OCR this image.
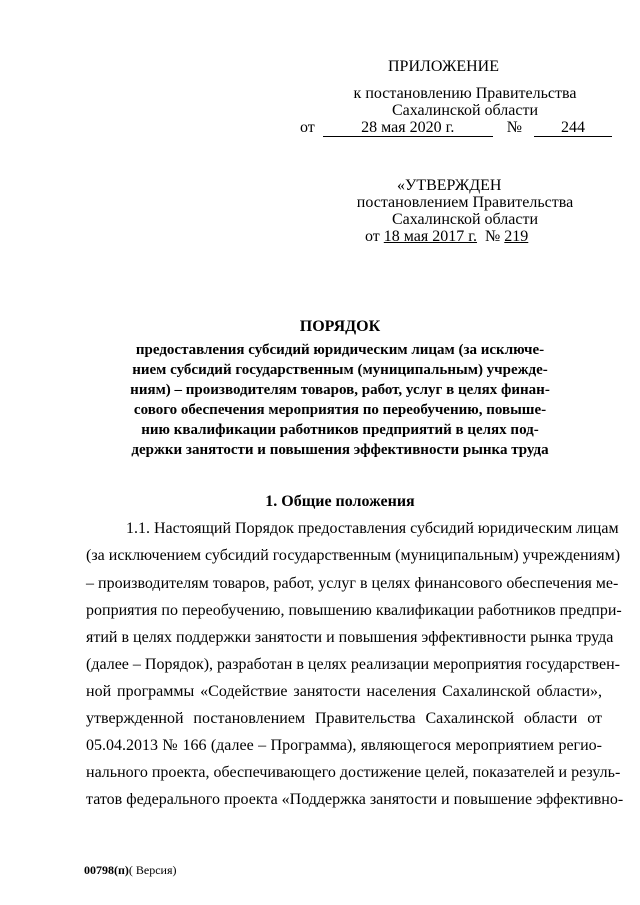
ПРИЛОЖЕНИЕ
к постановлению Правительства
Сахалинской области
от	28 мая 2020 г.	№ 244
«УТВЕРЖДЕН
постановлением Правительства
Сахалинской области
от 18 мая 2017 г. № 219
ПОРЯДОК
предоставления субсидий юридическим лицам (за исключе-
нием субсидий государственным (муниципальным) учрежде-
ниям) – производителям товаров, работ, услуг в целях финан-
сового обеспечения мероприятия по переобучению, повыше-
нию квалификации работников предприятий в целях под-
держки занятости и повышения эффективности рынка труда
1. Общие положения
1.1. Настоящий Порядок предоставления субсидий юридическим лицам
(за исключением субсидий государственным (муниципальным) учреждениям)
– производителям товаров, работ, услуг в целях финансового обеспечения ме-
роприятия по переобучению, повышению квалификации работников предпри-
ятий в целях поддержки занятости и повышения эффективности рынка труда
(далее – Порядок), разработан в целях реализации мероприятия государствен-
ной программы «Содействие занятости населения Сахалинской области»,
утвержденной постановлением Правительства Сахалинской области от
05.04.2013 № 166 (далее – Программа), являющегося мероприятием регио-
нального проекта, обеспечивающего достижение целей, показателей и резуль-
татов федерального проекта «Поддержка занятости и повышение эффективно-
00798(п)( Версия)
